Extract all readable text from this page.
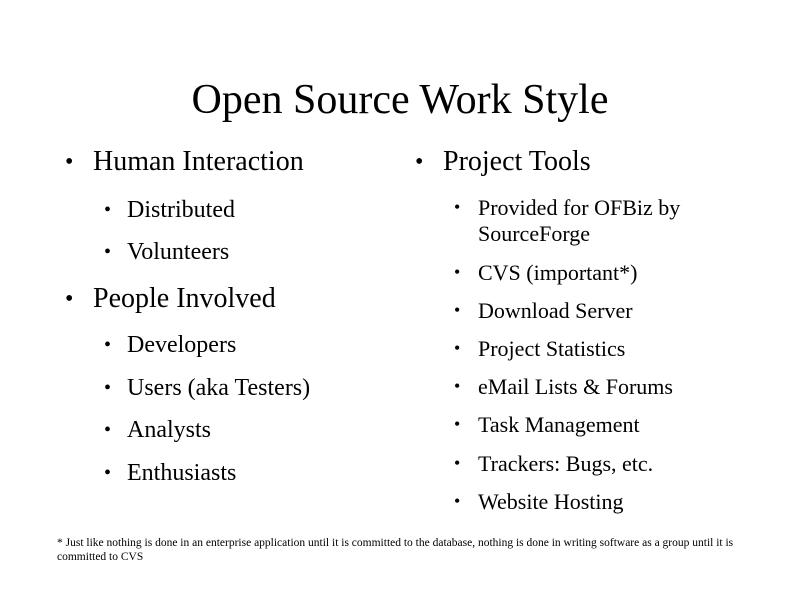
Open Source Work Style
• Human Interaction
• Distributed
• Volunteers
• People Involved
• Developers
• Users (aka Testers)
• Analysts
• Enthusiasts
• Project Tools
• Provided for OFBiz by
SourceForge
• CVS (important*)
• Download Server
• Project Statistics
• eMail Lists & Forums
• Task Management
• Trackers: Bugs, etc.
• Website Hosting

* Just like nothing is done in an enterprise application until it is committed to the database, nothing is done in writing software as a group until it is committed to CVS
